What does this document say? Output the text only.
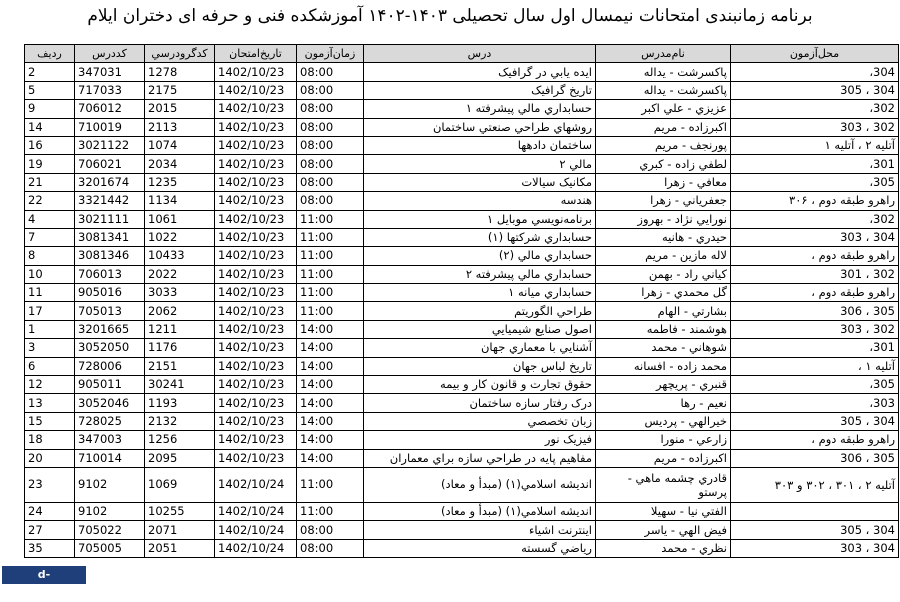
برنامه زمانبندی امتحانات نیمسال اول سال تحصیلی ۱۴۰۳-۱۴۰۲ آموزشکده فنی و حرفه ای دختران ایلام
رديف	كددرس	كدگرودرسي	تاريخ‌امتحان	زمان‌آزمون	درس	نام‌مدرس	محل‌آزمون
2	347031	1278	1402/10/23	08:00	ايده يابي در گرافيک	پاكسرشت - يداله	304،
5	717033	2175	1402/10/23	08:00	تاريخ گرافيک	پاكسرشت - يداله	304 ، 305
9	706012	2015	1402/10/23	08:00	حسابداري مالي پيشرفته ۱	عزيزي - علي اكبر	302،
14	710019	2113	1402/10/23	08:00	روشهاي طراحي صنعتي ساختمان	اكبرزاده - مريم	302 ، 303
16	3021122	1074	1402/10/23	08:00	ساختمان دادهها	پورنجف - مريم	آتليه ۲ ، آتليه ۱
19	706021	2034	1402/10/23	08:00	مالي ۲	لطفي زاده - كبري	301،
21	3201674	1235	1402/10/23	08:00	مكانيک سيالات	معافي - زهرا	305،
22	3321442	1134	1402/10/23	08:00	هندسه	جعفرياني - زهرا	راهرو طبقه دوم ، ۳۰۶
4	3021111	1061	1402/10/23	11:00	برنامەنويسي موبايل ۱	نورايي نژاد - بهروز	302،
7	3081341	1022	1402/10/23	11:00	حسابداري شركتها (۱)	حيدري - هانيه	304 ، 303
8	3081346	10433	1402/10/23	11:00	حسابداري مالي (۲)	لاله مازين - مريم	راهرو طبقه دوم ،
10	706013	2022	1402/10/23	11:00	حسابداري مالي پيشرفته ۲	كياني راد - بهمن	302 ، 301
11	905016	3033	1402/10/23	11:00	حسابداري ميانه ۱	گل محمدي - زهرا	راهرو طبقه دوم ،
17	705013	2062	1402/10/23	11:00	طراحي الگوريتم	بشارتي - الهام	305 ، 306
1	3201665	1211	1402/10/23	14:00	اصول صنايع شيميايي	هوشمند - فاطمه	302 ، 303
3	3052050	1176	1402/10/23	14:00	آشنايي با معماري جهان	شوهاني - محمد	301،
6	728006	2151	1402/10/23	14:00	تاريخ لباس جهان	محمد زاده - افسانه	آتليه ۱ ،
12	905011	30241	1402/10/23	14:00	حقوق تجارت و قانون كار و بيمه	قنبري - پريچهر	305،
13	3052046	1193	1402/10/23	14:00	درک رفتار سازه ساختمان	نعيم - رها	303،
15	728025	2132	1402/10/23	14:00	زبان تخصصي	خيرالهي - پرديس	304 ، 305
18	347003	1256	1402/10/23	14:00	فيزيک نور	زارعي - منورا	راهرو طبقه دوم ،
20	710014	2095	1402/10/23	14:00	مفاهيم پايه در طراحي سازه براي معماران	اكبرزاده - مريم	305 ، 306
23	9102	1069	1402/10/24	11:00	انديشه اسلامي(۱) (مبدأ و معاد)	قادري چشمه ماهي - پرستو	آتليه ۲ ، ۳۰۱ ، ۳۰۲ و ۳۰۳
24	9102	10255	1402/10/24	11:00	انديشه اسلامي(۱) (مبدأ و معاد)	الفتي نيا - سهيلا	
27	705022	2071	1402/10/24	08:00	اينترنت اشياء	فيض الهي - ياسر	304 ، 305
35	705005	2051	1402/10/24	08:00	رياضي گسسته	نظري - محمد	304 ، 303
d-ilam.tvu.ac.ir
